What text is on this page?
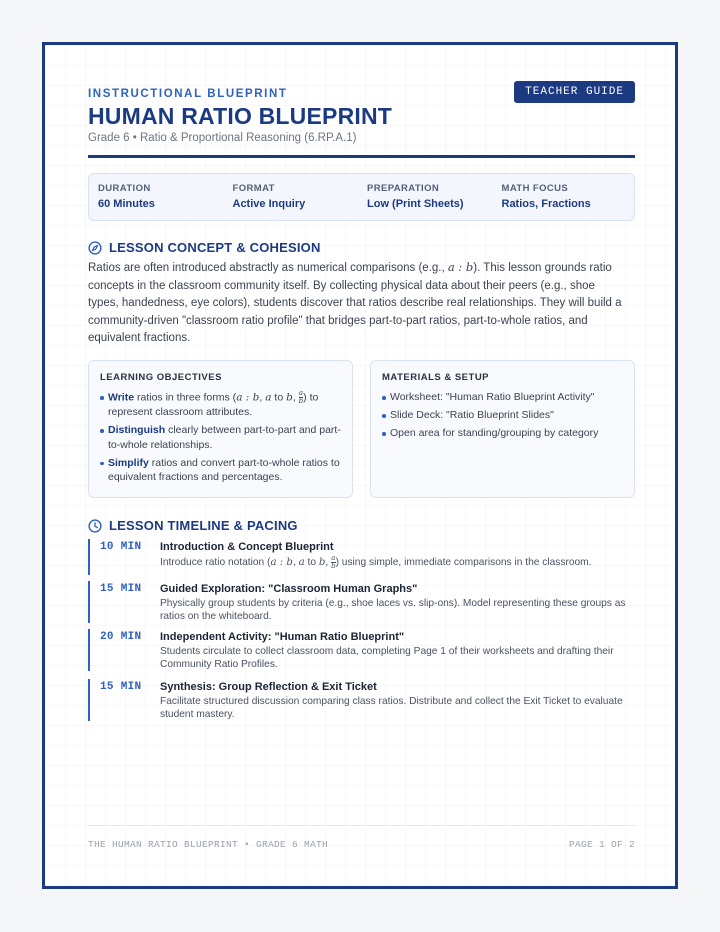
INSTRUCTIONAL BLUEPRINT	TEACHER GUIDE
HUMAN RATIO BLUEPRINT
Grade 6 • Ratio & Proportional Reasoning (6.RP.A.1)
DURATION
60 Minutes
FORMAT
Active Inquiry
PREPARATION
Low (Print Sheets)
MATH FOCUS
Ratios, Fractions
LESSON CONCEPT & COHESION

Ratios are often introduced abstractly as numerical comparisons (e.g., a : b). This lesson grounds ratio concepts in the classroom community itself. By collecting physical data about their peers (e.g., shoe types, handedness, eye colors), students discover that ratios describe real relationships. They will build a community-driven "classroom ratio profile" that bridges part-to-part ratios, part-to-whole ratios, and equivalent fractions.

LEARNING OBJECTIVES
Write ratios in three forms (a : b, a to b, $\frac{a}{b}$ ) to represent classroom attributes.
Distinguish clearly between part-to-part and part-to-whole relationships.
Simplify ratios and convert part-to-whole ratios to equivalent fractions and percentages.
MATERIALS & SETUP
Worksheet: "Human Ratio Blueprint Activity"
Slide Deck: "Ratio Blueprint Slides"
Open area for standing/grouping by category
LESSON TIMELINE & PACING
10 MIN Introduction & Concept Blueprint
Introduce ratio notation (a : b, a to b, $\frac{a}{b}$ ) using simple, immediate comparisons in the classroom.
15 MIN Guided Exploration: "Classroom Human Graphs"
Physically group students by criteria (e.g., shoe laces vs. slip-ons). Model representing these groups as ratios on the whiteboard.
20 MIN Independent Activity: "Human Ratio Blueprint"
Students circulate to collect classroom data, completing Page 1 of their worksheets and drafting their Community Ratio Profiles.
15 MIN Synthesis: Group Reflection & Exit Ticket
Facilitate structured discussion comparing class ratios. Distribute and collect the Exit Ticket to evaluate student mastery.
THE HUMAN RATIO BLUEPRINT • GRADE 6 MATH	PAGE 1 OF 2
